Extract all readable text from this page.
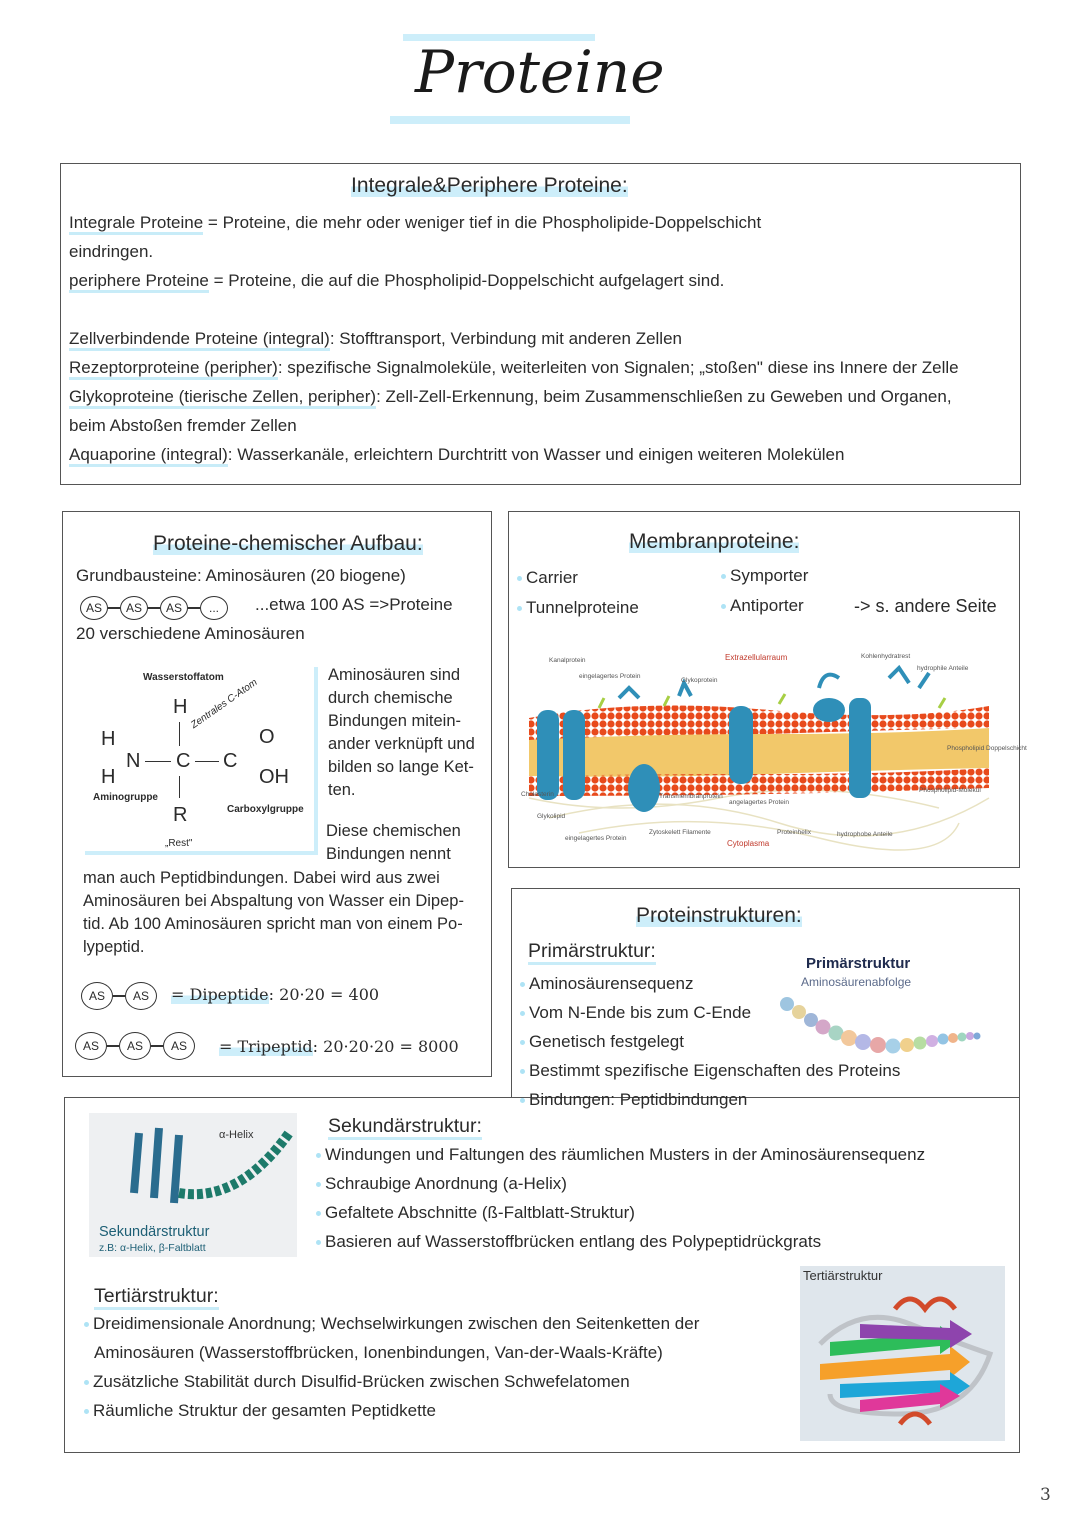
Proteine
Integrale&Periphere Proteine:
Integrale Proteine = Proteine, die mehr oder weniger tief in die Phospholipide-Doppelschicht
eindringen.
periphere Proteine = Proteine, die auf die Phospholipid-Doppelschicht aufgelagert sind.
Zellverbindende Proteine (integral): Stofftransport, Verbindung mit anderen Zellen
Rezeptorproteine (peripher): spezifische Signalmoleküle, weiterleiten von Signalen; „stoßen" diese ins Innere der Zelle
Glykoproteine (tierische Zellen, peripher): Zell-Zell-Erkennung, beim Zusammenschließen zu Geweben und Organen,
beim Abstoßen fremder Zellen
Aquaporine (integral): Wasserkanäle, erleichtern Durchtritt von Wasser und einigen weiteren Molekülen
Proteine-chemischer Aufbau:
Grundbausteine: Aminosäuren (20 biogene)
AS	AS	AS	...	...etwa 100 AS =>Proteine
20 verschiedene Aminosäuren
Wasserstoffatom
H
H
N
H
C C
O
OH
Zentrales C-Atom
R
Aminogruppe
Carboxylgruppe
„Rest"
Aminosäuren sind
durch chemische
Bindungen mitein-
ander verknüpft und
bilden so lange Ket-
ten.
Diese chemischen
Bindungen nennt
man auch Peptidbindungen. Dabei wird aus zwei
Aminosäuren bei Abspaltung von Wasser ein Dipep-
tid. Ab 100 Aminosäuren spricht man von einem Po-
lypeptid.
AS	AS	= Dipeptide: 20·20 = 400
AS	AS	AS	= Tripeptid: 20·20·20 = 8000
Membranproteine:
Carrier
Tunnelproteine
Symporter
Antiporter	-> s. andere Seite
Kanalprotein
eingelagertes Protein
Glykoprotein
Extrazellularraum	Kohlenhydratrest
hydrophile Anteile
Phospholipid Doppelschicht
Phospholipid-Molekül
Cholesterin
Glykolipid
Transmembranprotein
angelagertes Protein
eingelagertes Protein
Zytoskelett Filamente	Proteinhelix	hydrophobe Anteile
Cytoplasma
Proteinstrukturen:
Primärstruktur:
Aminosäurensequenz
Vom N-Ende bis zum C-Ende
Genetisch festgelegt
Bestimmt spezifische Eigenschaften des Proteins
Bindungen: Peptidbindungen
Primärstruktur
Aminosäurenabfolge
α-Helix
Sekundärstruktur
z.B: α-Helix, β-Faltblatt
Sekundärstruktur:
Windungen und Faltungen des räumlichen Musters in der Aminosäurensequenz
Schraubige Anordnung (a-Helix)
Gefaltete Abschnitte (ß-Faltblatt-Struktur)
Basieren auf Wasserstoffbrücken entlang des Polypeptidrückgrats
Tertiärstruktur:
Dreidimensionale Anordnung; Wechselwirkungen zwischen den Seitenketten der
Aminosäuren (Wasserstoffbrücken, Ionenbindungen, Van-der-Waals-Kräfte)
Zusätzliche Stabilität durch Disulfid-Brücken zwischen Schwefelatomen
Räumliche Struktur der gesamten Peptidkette
Tertiärstruktur
3
